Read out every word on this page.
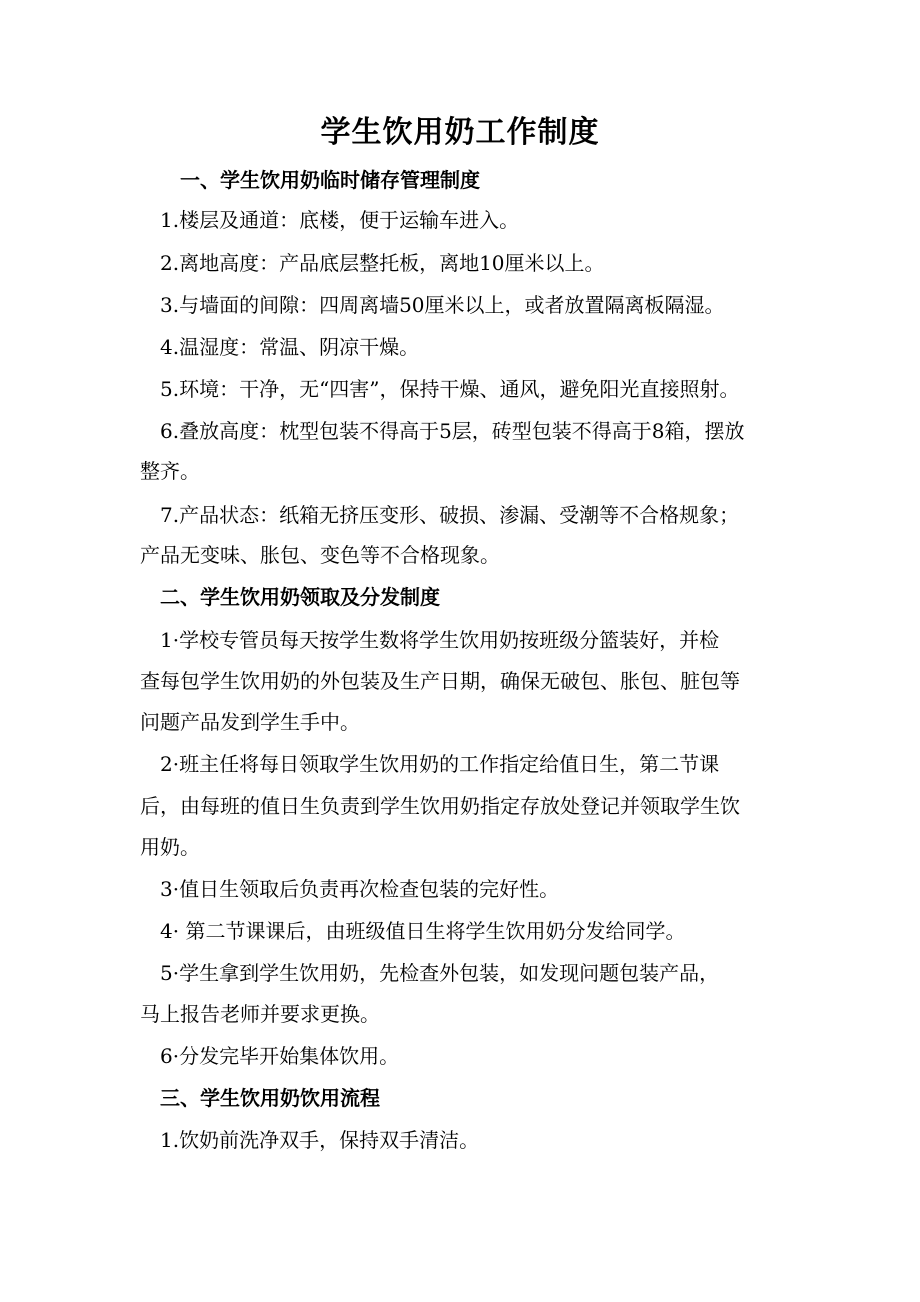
学生饮用奶工作制度
一、学生饮用奶临时储存管理制度
1.楼层及通道：底楼，便于运输车进入。
2.离地高度：产品底层整托板，离地10厘米以上。
3.与墙面的间隙：四周离墙50厘米以上，或者放置隔离板隔湿。
4.温湿度：常温、阴凉干燥。
5.环境：干净，无“四害”，保持干燥、通风，避免阳光直接照射。
6.叠放高度：枕型包装不得高于5层，砖型包装不得高于8箱，摆放
整齐。
7.产品状态：纸箱无挤压变形、破损、渗漏、受潮等不合格规象；
产品无变味、胀包、变色等不合格现象。
二、学生饮用奶领取及分发制度
1·学校专管员每天按学生数将学生饮用奶按班级分篮装好，并检
查每包学生饮用奶的外包装及生产日期，确保无破包、胀包、脏包等
问题产品发到学生手中。
2·班主任将每日领取学生饮用奶的工作指定给值日生，第二节课
后，由每班的值日生负责到学生饮用奶指定存放处登记并领取学生饮
用奶。
3·值日生领取后负责再次检查包装的完好性。
4· 第二节课课后，由班级值日生将学生饮用奶分发给同学。
5·学生拿到学生饮用奶，先检查外包装，如发现问题包装产品，
马上报告老师并要求更换。
6·分发完毕开始集体饮用。
三、学生饮用奶饮用流程
1.饮奶前洗净双手，保持双手清洁。
